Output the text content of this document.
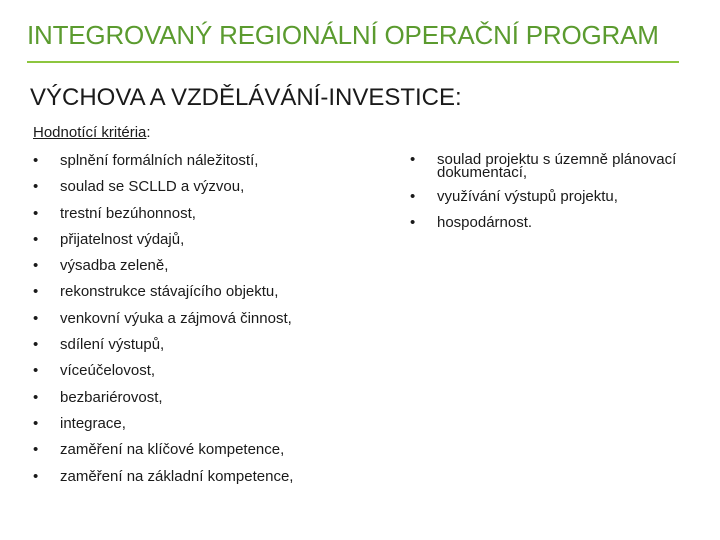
INTEGROVANÝ REGIONÁLNÍ OPERAČNÍ PROGRAM
VÝCHOVA A VZDĚLÁVÁNÍ-INVESTICE:
Hodnotící kritéria:
• splnění formálních náležitostí,
• soulad se SCLLD a výzvou,
• trestní bezúhonnost,
• přijatelnost výdajů,
• výsadba zeleně,
• rekonstrukce stávajícího objektu,
• venkovní výuka a zájmová činnost,
• sdílení výstupů,
• víceúčelovost,
• bezbariérovost,
• integrace,
• zaměření na klíčové kompetence,
• zaměření na základní kompetence,
• soulad projektu s územně plánovací dokumentací,
• využívání výstupů projektu,
• hospodárnost.
